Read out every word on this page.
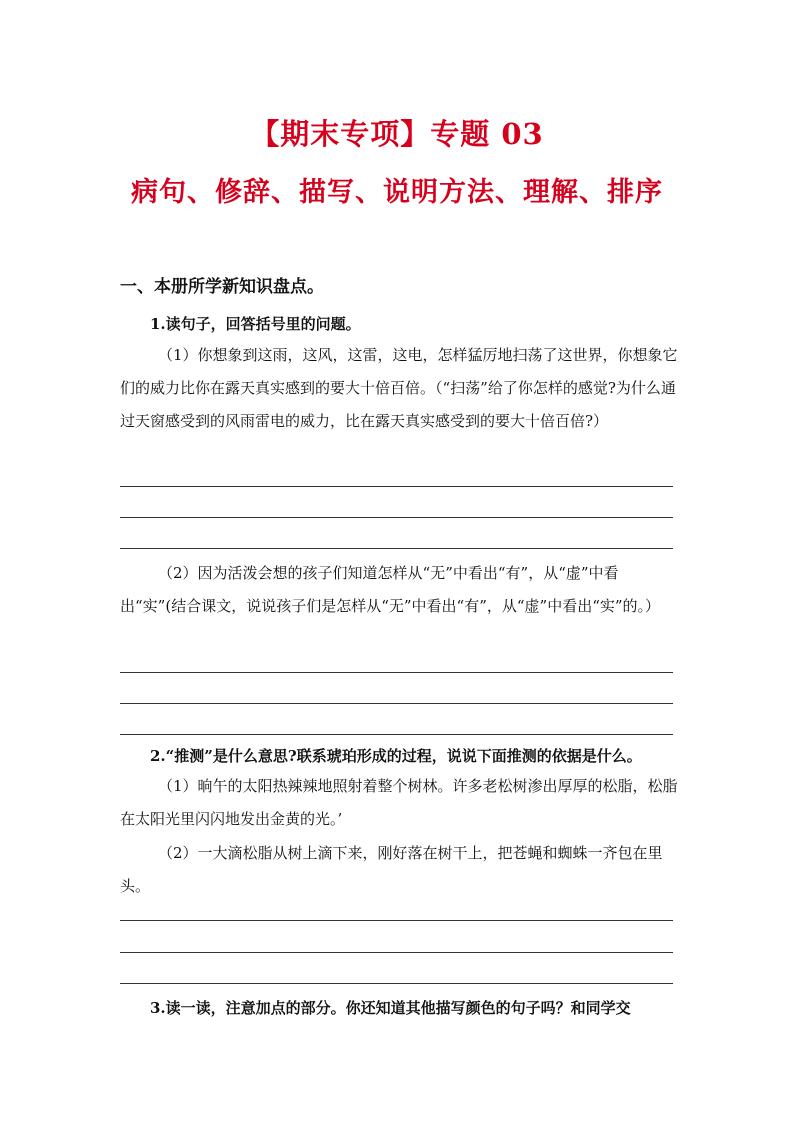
【期末专项】专题 03
病句、修辞、描写、说明方法、理解、排序
一、本册所学新知识盘点。
1.读句子，回答括号里的问题。
（1）你想象到这雨，这风，这雷，这电，怎样猛厉地扫荡了这世界，你想象它们的威力比你在露天真实感到的要大十倍百倍。（“扫荡”给了你怎样的感觉?为什么通过天窗感受到的风雨雷电的威力，比在露天真实感受到的要大十倍百倍?）
（2）因为活泼会想的孩子们知道怎样从“无”中看出“有”，从“虚”中看出“实”(结合课文，说说孩子们是怎样从“无”中看出“有”，从“虚”中看出“实”的。）
2.“推测”是什么意思?联系琥珀形成的过程，说说下面推测的依据是什么。
（1）晌午的太阳热辣辣地照射着整个树林。许多老松树渗出厚厚的松脂，松脂在太阳光里闪闪地发出金黄的光。’
（2）一大滴松脂从树上滴下来，刚好落在树干上，把苍蝇和蜘蛛一齐包在里头。
3.读一读，注意加点的部分。你还知道其他描写颜色的句子吗？和同学交
